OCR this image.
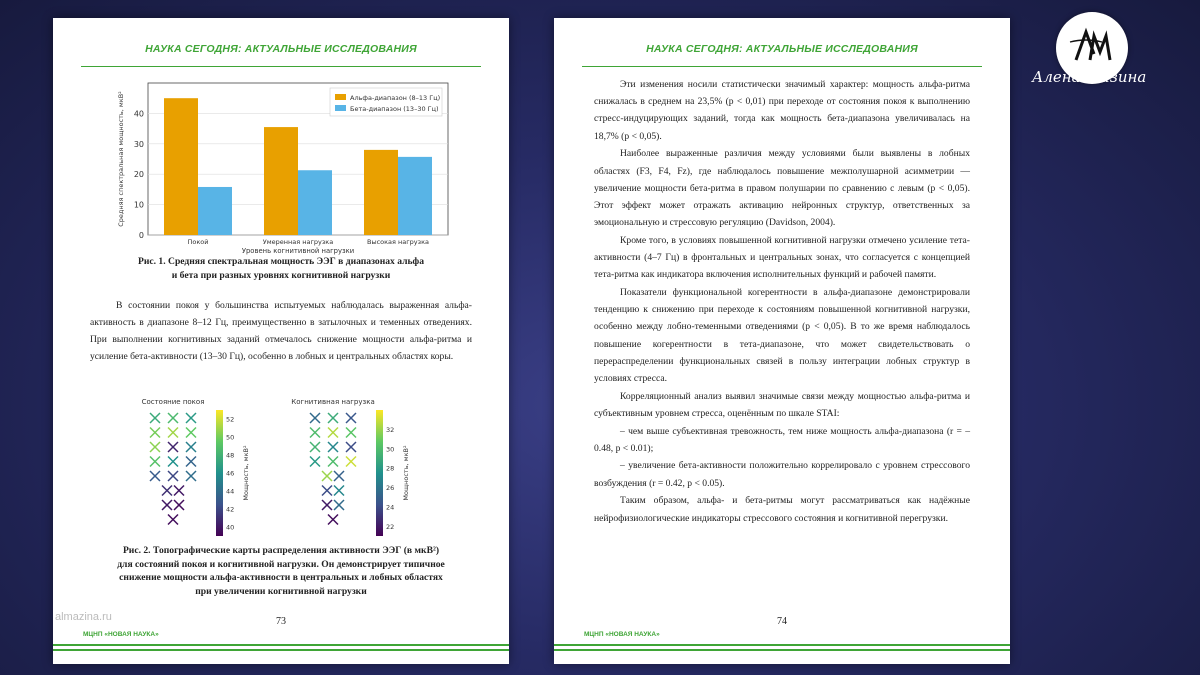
НАУКА СЕГОДНЯ: АКТУАЛЬНЫЕ ИССЛЕДОВАНИЯ
0
10
20
30
40
Покой	Умеренная нагрузка	Высокая нагрузка
Уровень когнитивной нагрузки
Средняя спектральная мощность, мкВ²	Альфа-диапазон (8–13 Гц)
Бета-диапазон (13–30 Гц)
Рис. 1. Средняя спектральная мощность ЭЭГ в диапазонах альфа
и бета при разных уровнях когнитивной нагрузки

В состоянии покоя у большинства испытуемых наблюдалась выраженная альфа-активность в диапазоне 8–12 Гц, преимущественно в затылочных и теменных отведениях. При выполнении когнитивных заданий отмечалось снижение мощности альфа-ритма и усиление бета-активности (13–30 Гц), особенно в лобных и центральных областях коры.

Состояние покоя
40
42
44
46
48
50
52
Мощность, мкВ²
Когнитивная нагрузка
22
24
26
28
30
32
Мощность, мкВ²
Рис. 2. Топографические карты распределения активности ЭЭГ (в мкВ²)
для состояний покоя и когнитивной нагрузки. Он демонстрирует типичное
снижение мощности альфа-активности в центральных и лобных областях
при увеличении когнитивной нагрузки
almazina.ru	73
МЦНП «НОВАЯ НАУКА»
НАУКА СЕГОДНЯ: АКТУАЛЬНЫЕ ИССЛЕДОВАНИЯ

Эти изменения носили статистически значимый характер: мощность альфа-ритма снижалась в среднем на 23,5% (p < 0,01) при переходе от состояния покоя к выполнению стресс-индуцирующих заданий, тогда как мощность бета-диапазона увеличивалась на 18,7% (p < 0,05).

Наиболее выраженные различия между условиями были выявлены в лобных областях (F3, F4, Fz), где наблюдалось повышение межполушарной асимметрии — увеличение мощности бета-ритма в правом полушарии по сравнению с левым (p < 0,05). Этот эффект может отражать активацию нейронных структур, ответственных за эмоциональную и стрессовую регуляцию (Davidson, 2004).

Кроме того, в условиях повышенной когнитивной нагрузки отмечено усиление тета-активности (4–7 Гц) в фронтальных и центральных зонах, что согласуется с концепцией тета-ритма как индикатора включения исполнительных функций и рабочей памяти.

Показатели функциональной когерентности в альфа-диапазоне демонстрировали тенденцию к снижению при переходе к состояниям повышенной когнитивной нагрузки, особенно между лобно-теменными отведениями (p < 0,05). В то же время наблюдалось повышение когерентности в тета-диапазоне, что может свидетельствовать о перераспределении функциональных связей в пользу интеграции лобных структур в условиях стресса.

Корреляционный анализ выявил значимые связи между мощностью альфа-ритма и субъективным уровнем стресса, оценённым по шкале STAI:

– чем выше субъективная тревожность, тем ниже мощность альфа-диапазона (r = –0.48, p < 0.01);

– увеличение бета-активности положительно коррелировало с уровнем стрессового возбуждения (r = 0.42, p < 0.05).

Таким образом, альфа- и бета-ритмы могут рассматриваться как надёжные нейрофизиологические индикаторы стрессового состояния и когнитивной перегрузки.

74
МЦНП «НОВАЯ НАУКА»
Алена Мазина
